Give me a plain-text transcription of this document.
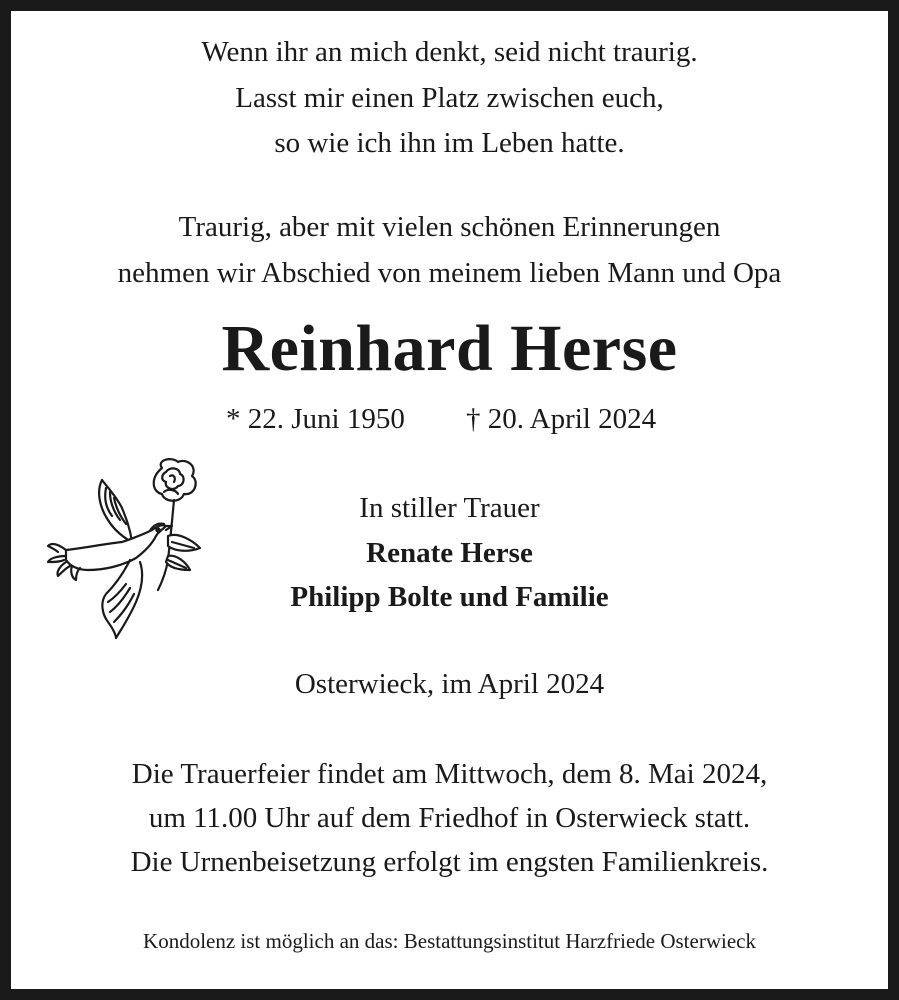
Wenn ihr an mich denkt, seid nicht traurig.
Lasst mir einen Platz zwischen euch,
so wie ich ihn im Leben hatte.
Traurig, aber mit vielen schönen Erinnerungen
nehmen wir Abschied von meinem lieben Mann und Opa
Reinhard Herse
* 22. Juni 1950 † 20. April 2024
In stiller Trauer
Renate Herse
Philipp Bolte und Familie
Osterwieck, im April 2024
Die Trauerfeier findet am Mittwoch, dem 8. Mai 2024,
um 11.00 Uhr auf dem Friedhof in Osterwieck statt.
Die Urnenbeisetzung erfolgt im engsten Familienkreis.
Kondolenz ist möglich an das: Bestattungsinstitut Harzfriede Osterwieck
